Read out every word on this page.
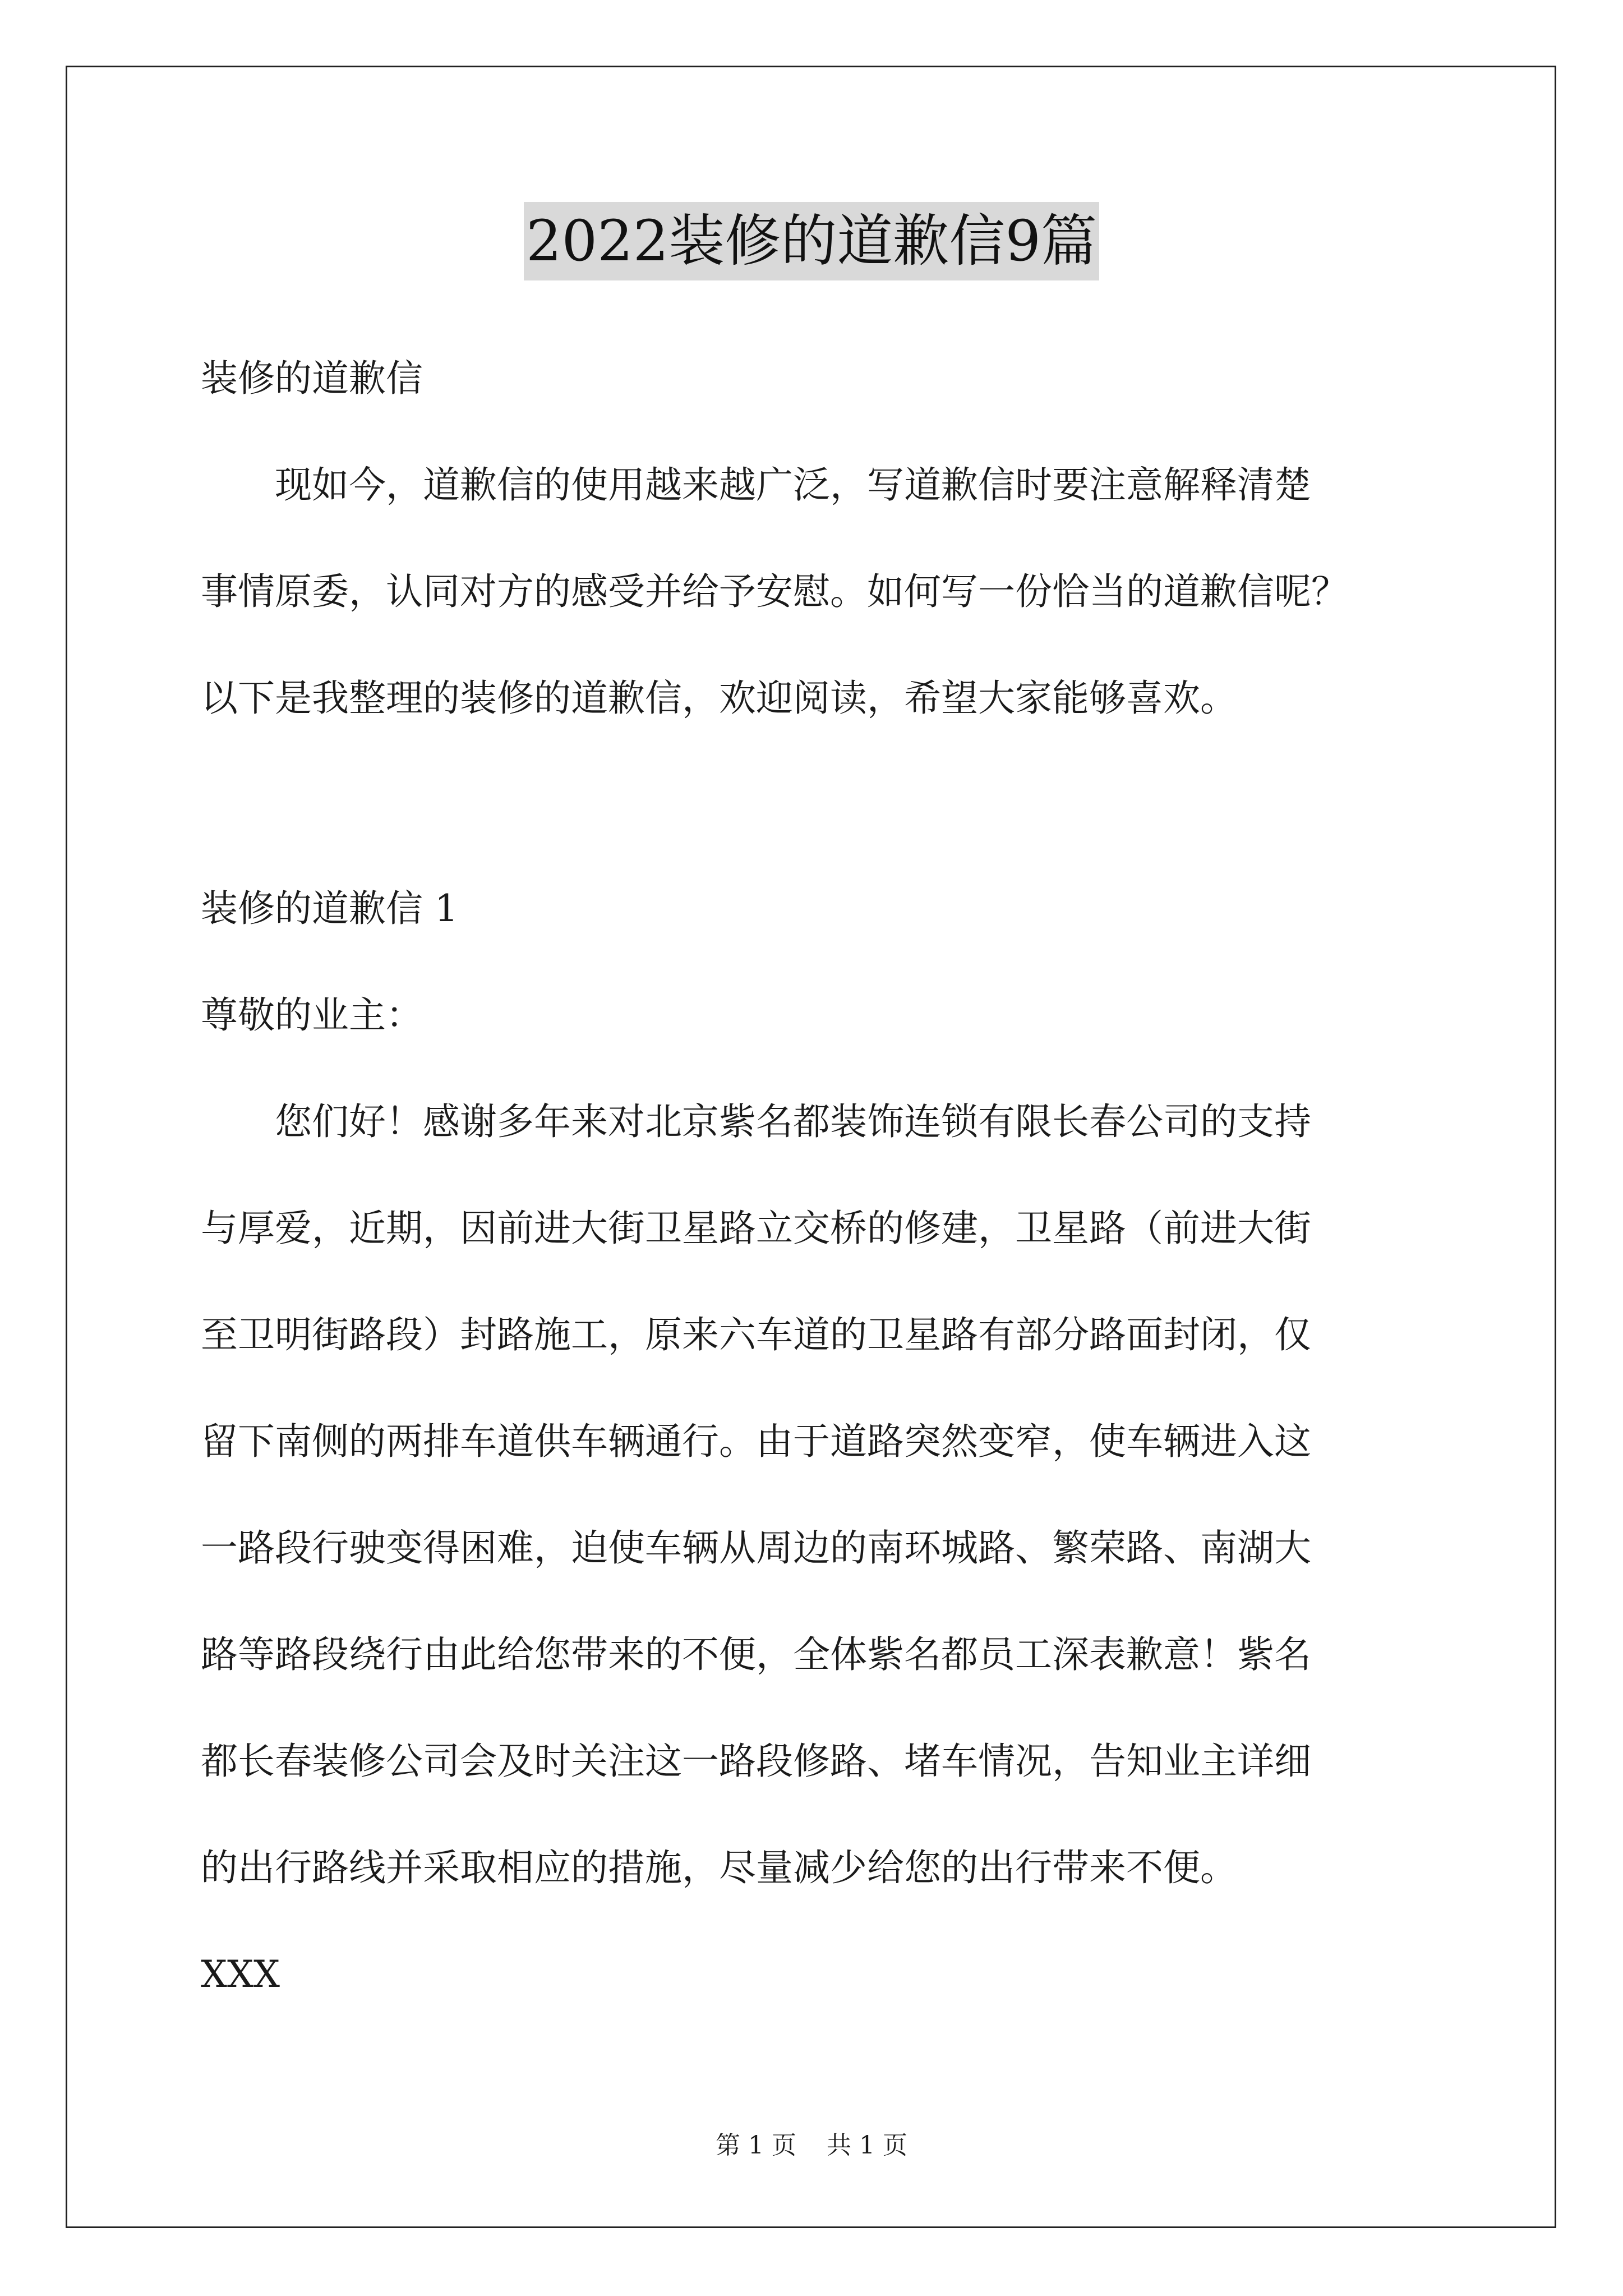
2022装修的道歉信9篇
装修的道歉信
　　现如今，道歉信的使用越来越广泛，写道歉信时要注意解释清楚
事情原委，认同对方的感受并给予安慰。如何写一份恰当的道歉信呢？
以下是我整理的装修的道歉信，欢迎阅读，希望大家能够喜欢。
装修的道歉信 1
尊敬的业主：
　　您们好！感谢多年来对北京紫名都装饰连锁有限长春公司的支持
与厚爱，近期，因前进大街卫星路立交桥的修建，卫星路（前进大街
至卫明街路段）封路施工，原来六车道的卫星路有部分路面封闭，仅
留下南侧的两排车道供车辆通行。由于道路突然变窄，使车辆进入这
一路段行驶变得困难，迫使车辆从周边的南环城路、繁荣路、南湖大
路等路段绕行由此给您带来的不便，全体紫名都员工深表歉意！紫名
都长春装修公司会及时关注这一路段修路、堵车情况，告知业主详细
的出行路线并采取相应的措施，尽量减少给您的出行带来不便。
XXX
第 1 页 共 1 页
